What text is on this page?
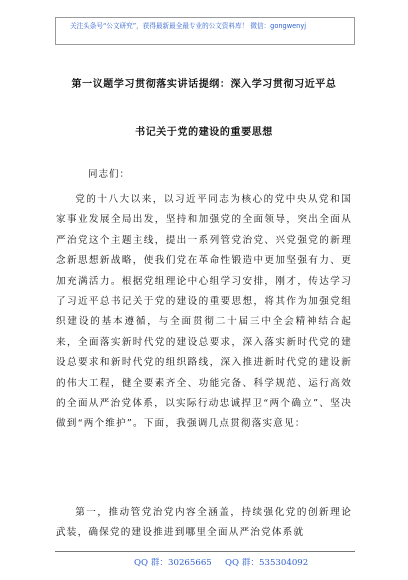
关注头条号“公文研究”，获得最新最全最专业的公文资料库！ 微信：gongwenyj
第一议题学习贯彻落实讲话提纲：深入学习贯彻习近平总
书记关于党的建设的重要思想
同志们：

党的十八大以来，以习近平同志为核心的党中央从党和国家事业发展全局出发，坚持和加强党的全面领导，突出全面从严治党这个主题主线，提出一系列管党治党、兴党强党的新理念新思想新战略，使我们党在革命性锻造中更加坚强有力、更加充满活力。根据党组理论中心组学习安排，刚才，传达学习了习近平总书记关于党的建设的重要思想，将其作为加强党组织建设的基本遵循，与全面贯彻二十届三中全会精神结合起来，全面落实新时代党的建设总要求，深入落实新时代党的建设总要求和新时代党的组织路线，深入推进新时代党的建设新的伟大工程，健全要素齐全、功能完备、科学规范、运行高效的全面从严治党体系，以实际行动忠诚捍卫“两个确立”、坚决做到“两个维护”。下面，我强调几点贯彻落实意见：

第一，推动管党治党内容全涵盖，持续强化党的创新理论武装，确保党的建设推进到哪里全面从严治党体系就

QQ 群：30265665 QQ 群：535304092
